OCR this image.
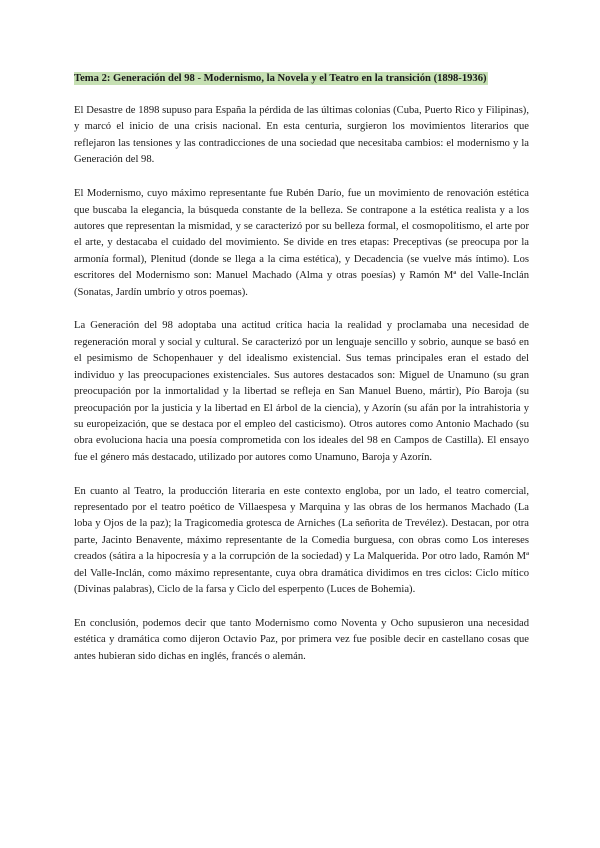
Tema 2: Generación del 98 - Modernismo, la Novela y el Teatro en la transición (1898-1936)

El Desastre de 1898 supuso para España la pérdida de las últimas colonias (Cuba, Puerto Rico y Filipinas), y marcó el inicio de una crisis nacional. En esta centuria, surgieron los movimientos literarios que reflejaron las tensiones y las contradicciones de una sociedad que necesitaba cambios: el modernismo y la Generación del 98.

El Modernismo, cuyo máximo representante fue Rubén Darío, fue un movimiento de renovación estética que buscaba la elegancia, la búsqueda constante de la belleza. Se contrapone a la estética realista y a los autores que representan la mismidad, y se caracterizó por su belleza formal, el cosmopolitismo, el arte por el arte, y destacaba el cuidado del movimiento. Se divide en tres etapas: Preceptivas (se preocupa por la armonía formal), Plenitud (donde se llega a la cima estética), y Decadencia (se vuelve más íntimo). Los escritores del Modernismo son: Manuel Machado (Alma y otras poesías) y Ramón Mª del Valle-Inclán (Sonatas, Jardín umbrío y otros poemas).

La Generación del 98 adoptaba una actitud crítica hacia la realidad y proclamaba una necesidad de regeneración moral y social y cultural. Se caracterizó por un lenguaje sencillo y sobrio, aunque se basó en el pesimismo de Schopenhauer y del idealismo existencial. Sus temas principales eran el estado del individuo y las preocupaciones existenciales. Sus autores destacados son: Miguel de Unamuno (su gran preocupación por la inmortalidad y la libertad se refleja en San Manuel Bueno, mártir), Pío Baroja (su preocupación por la justicia y la libertad en El árbol de la ciencia), y Azorín (su afán por la intrahistoria y su europeización, que se destaca por el empleo del casticismo). Otros autores como Antonio Machado (su obra evoluciona hacia una poesía comprometida con los ideales del 98 en Campos de Castilla). El ensayo fue el género más destacado, utilizado por autores como Unamuno, Baroja y Azorín.

En cuanto al Teatro, la producción literaria en este contexto engloba, por un lado, el teatro comercial, representado por el teatro poético de Villaespesa y Marquina y las obras de los hermanos Machado (La loba y Ojos de la paz); la Tragicomedia grotesca de Arniches (La señorita de Trevélez). Destacan, por otra parte, Jacinto Benavente, máximo representante de la Comedia burguesa, con obras como Los intereses creados (sátira a la hipocresía y a la corrupción de la sociedad) y La Malquerida. Por otro lado, Ramón Mª del Valle-Inclán, como máximo representante, cuya obra dramática dividimos en tres ciclos: Ciclo mítico (Divinas palabras), Ciclo de la farsa y Ciclo del esperpento (Luces de Bohemia).

En conclusión, podemos decir que tanto Modernismo como Noventa y Ocho supusieron una necesidad estética y dramática como dijeron Octavio Paz, por primera vez fue posible decir en castellano cosas que antes hubieran sido dichas en inglés, francés o alemán.
